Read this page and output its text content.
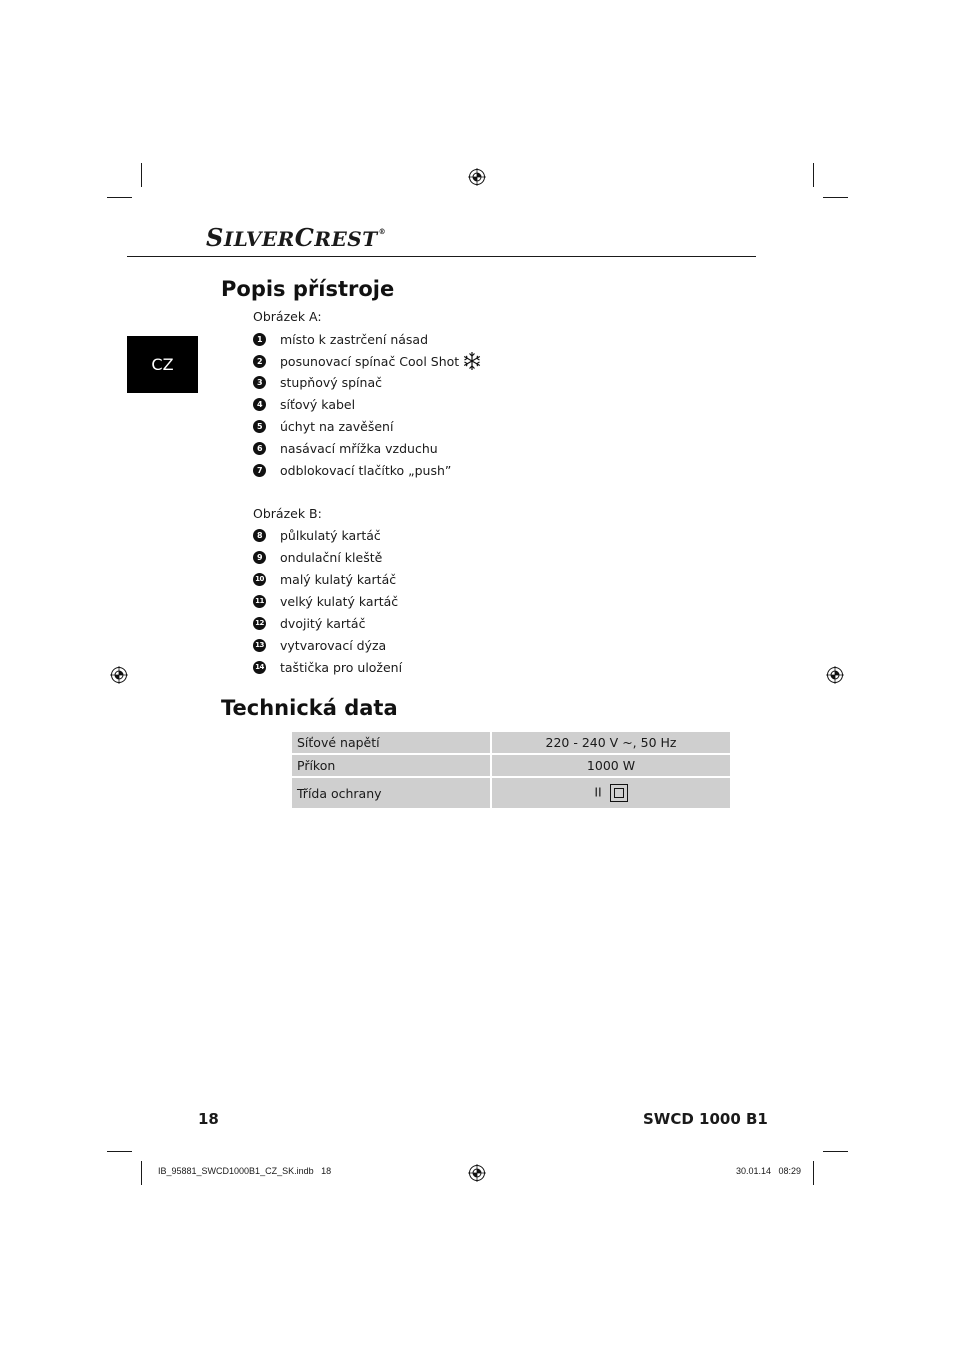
SILVERCREST®
CZ
Popis přístroje
Obrázek A:
1	místo k zastrčení násad
2	posunovací spínač Cool Shot
3	stupňový spínač
4	síťový kabel
5	úchyt na zavěšení
6	nasávací mřížka vzduchu
7	odblokovací tlačítko „push”
Obrázek B:
8	půlkulatý kartáč
9	ondulační kleště
10 malý kulatý kartáč
11 velký kulatý kartáč
12 dvojitý kartáč
13 vytvarovací dýza
14 taštička pro uložení
Technická data
Síťové napětí	220 - 240 V ~, 50 Hz
Příkon	1000 W
Třída ochrany	II
18	SWCD 1000 B1
IB_95881_SWCD1000B1_CZ_SK.indb   18	30.01.14   08:29
